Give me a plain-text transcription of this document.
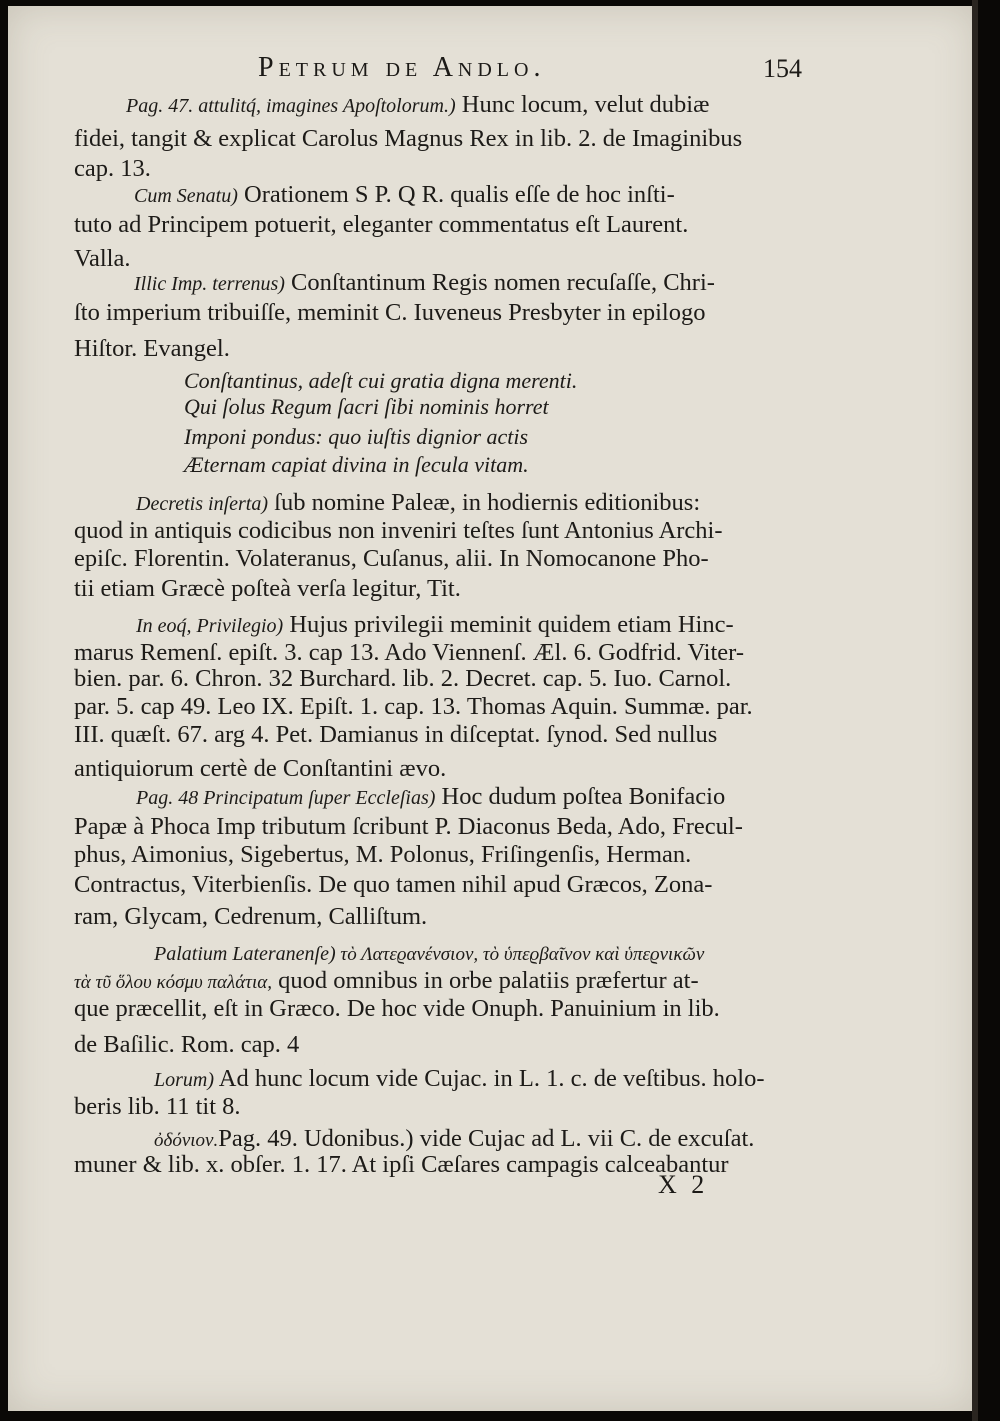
Petrum de Andlo.	154
Pag. 47. attulitq́, imagines Apoſtolorum.) Hunc locum, velut dubiæ
fidei, tangit & explicat Carolus Magnus Rex in lib. 2. de Imaginibus
cap. 13.
Cum Senatu) Orationem S P. Q R. qualis eſſe de hoc inſti-
tuto ad Principem potuerit, eleganter commentatus eſt Laurent.
Valla.
Illic Imp. terrenus) Conſtantinum Regis nomen recuſaſſe, Chri-
ſto imperium tribuiſſe, meminit C. Iuveneus Presbyter in epilogo
Hiſtor. Evangel.
Conſtantinus, adeſt cui gratia digna merenti.
Qui ſolus Regum ſacri ſibi nominis horret
Imponi pondus: quo iuſtis dignior actis
Æternam capiat divina in ſecula vitam.
Decretis inſerta) ſub nomine Paleæ, in hodiernis editionibus:
quod in antiquis codicibus non inveniri teſtes ſunt Antonius Archi-
epiſc. Florentin. Volateranus, Cuſanus, alii. In Nomocanone Pho-
tii etiam Græcè poſteà verſa legitur, Tit.
In eoq́, Privilegio) Hujus privilegii meminit quidem etiam Hinc-
marus Remenſ. epiſt. 3. cap 13. Ado Viennenſ. Æl. 6. Godfrid. Viter-
bien. par. 6. Chron. 32 Burchard. lib. 2. Decret. cap. 5. Iuo. Carnol.
par. 5. cap 49. Leo IX. Epiſt. 1. cap. 13. Thomas Aquin. Summæ. par.
III. quæſt. 67. arg 4. Pet. Damianus in diſceptat. ſynod. Sed nullus
antiquiorum certè de Conſtantini ævo.
Pag. 48 Principatum ſuper Eccleſias) Hoc dudum poſtea Bonifacio
Papæ à Phoca Imp tributum ſcribunt P. Diaconus Beda, Ado, Frecul-
phus, Aimonius, Sigebertus, M. Polonus, Friſingenſis, Herman.
Contractus, Viterbienſis. De quo tamen nihil apud Græcos, Zona-
ram, Glycam, Cedrenum, Calliſtum.
Palatium Lateranenſe) τὸ Λατεϱανένσιον, τὸ ὑπεϱβαῖνον καὶ ὑπεϱνικῶν
τὰ τῦ ὅλου κόσμυ παλάτια, quod omnibus in orbe palatiis præfertur at-
que præcellit, eſt in Græco. De hoc vide Onuph. Panuinium in lib.
de Baſilic. Rom. cap. 4
Lorum) Ad hunc locum vide Cujac. in L. 1. c. de veſtibus. holo-
beris lib. 11 tit 8.
ὀδόνιον.Pag. 49. Udonibus.) vide Cujac ad L. vii C. de excuſat.
muner & lib. x. obſer. 1. 17. At ipſi Cæſares campagis calceabantur
X 2
